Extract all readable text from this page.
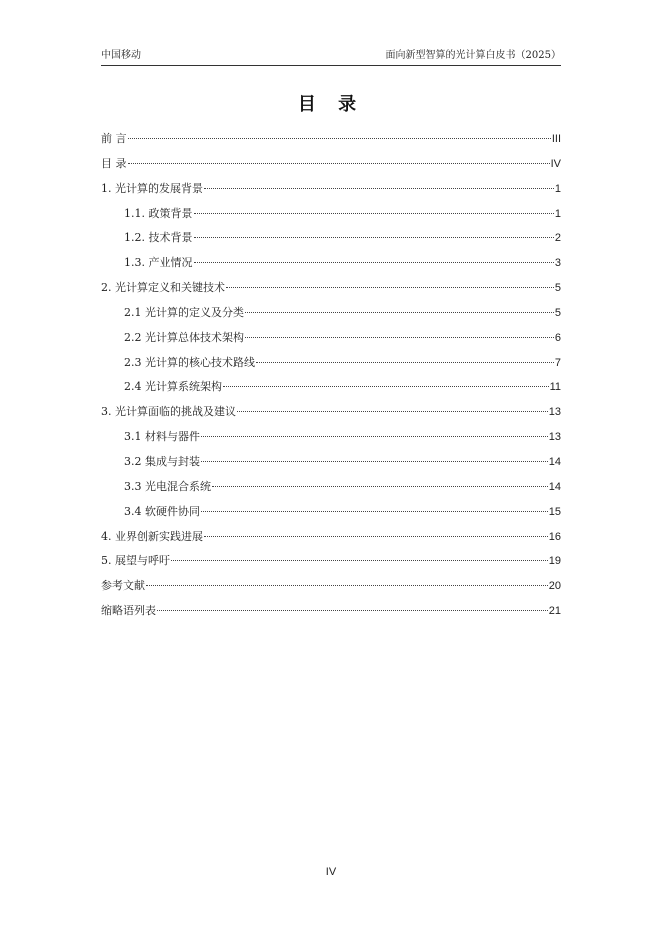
中国移动	面向新型智算的光计算白皮书（2025）
目 录
前 言	III
目 录	IV
1. 光计算的发展背景	1
1.1. 政策背景	1
1.2. 技术背景	2
1.3. 产业情况	3
2. 光计算定义和关键技术	5
2.1 光计算的定义及分类	5
2.2 光计算总体技术架构	6
2.3 光计算的核心技术路线	7
2.4 光计算系统架构	11
3. 光计算面临的挑战及建议	13
3.1 材料与器件	13
3.2 集成与封装	14
3.3 光电混合系统	14
3.4 软硬件协同	15
4. 业界创新实践进展	16
5. 展望与呼吁	19
参考文献	20
缩略语列表	21
IV
